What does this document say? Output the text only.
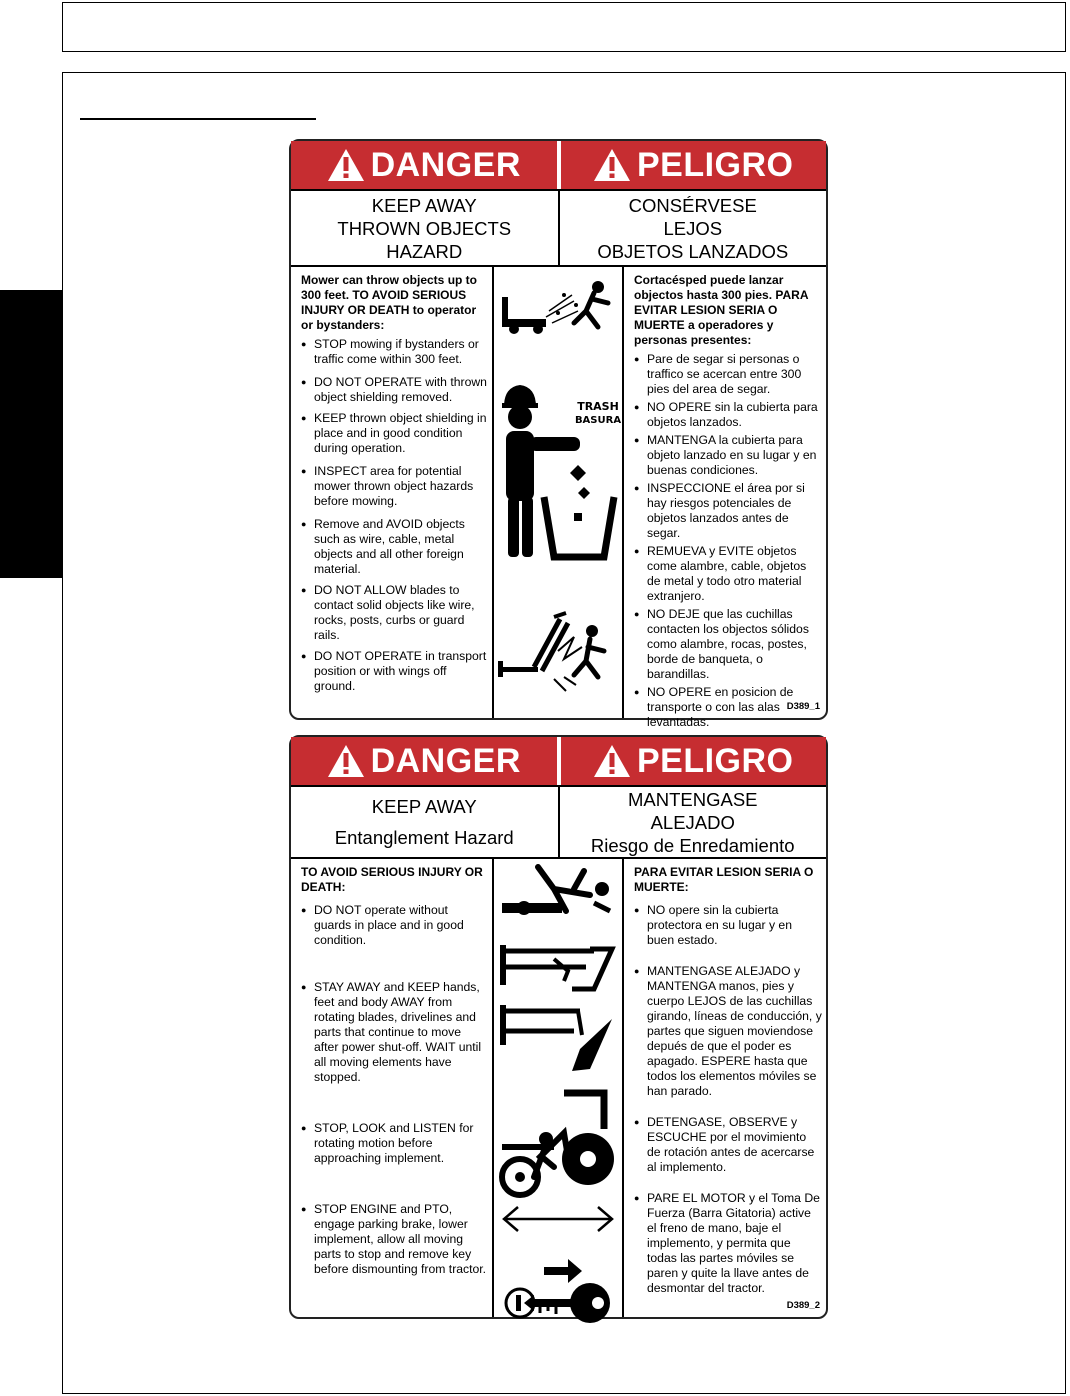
DANGER	PELIGRO
KEEP AWAY
THROWN OBJECTS
HAZARD
CONSÉRVESE
LEJOS
OBJETOS LANZADOS
Mower can throw objects up to 300 feet. TO AVOID SERIOUS INJURY OR DEATH to operator or bystanders:
● STOP mowing if bystanders or traffic come within 300 feet.
● DO NOT OPERATE with thrown object shielding removed.
● KEEP thrown object shielding in place and in good condition during operation.
● INSPECT area for potential mower thrown object hazards before mowing.
● Remove and AVOID objects such as wire, cable, metal objects and all other foreign material.
● DO NOT ALLOW blades to contact solid objects like wire, rocks, posts, curbs or guard rails.
● DO NOT OPERATE in transport position or with wings off ground.
TRASH
BASURA
Cortacésped puede lanzar objectos hasta 300 pies. PARA EVITAR LESION SERIA O MUERTE a operadores y personas presentes:
● Pare de segar si personas o traffico se acercan entre 300 pies del area de segar.
● NO OPERE sin la cubierta para objetos lanzados.
● MANTENGA la cubierta para objeto lanzado en su lugar y en buenas condiciones.
● INSPECCIONE el área por si hay riesgos potenciales de objetos lanzados antes de segar.
● REMUEVA y EVITE objetos come alambre, cable, objetos de metal y todo otro material extranjero.
● NO DEJE que las cuchillas contacten los objectos sólidos como alambre, rocas, postes, borde de banqueta, o barandillas.
● NO OPERE en posicion de transporte o con las alas levantadas.
D389_1
DANGER	PELIGRO
KEEP AWAY
Entanglement Hazard
MANTENGASE
ALEJADO
Riesgo de Enredamiento
TO AVOID SERIOUS INJURY OR DEATH:
● DO NOT operate without guards in place and in good condition.
● STAY AWAY and KEEP hands, feet and body AWAY from rotating blades, drivelines and parts that continue to move after power shut-off. WAIT until all moving elements have stopped.
● STOP, LOOK and LISTEN for rotating motion before approaching implement.
● STOP ENGINE and PTO, engage parking brake, lower implement, allow all moving parts to stop and remove key before dismounting from tractor.
PARA EVITAR LESION SERIA O MUERTE:
● NO opere sin la cubierta protectora en su lugar y en buen estado.
● MANTENGASE ALEJADO y MANTENGA manos, pies y cuerpo LEJOS de las cuchillas girando, líneas de conducción, y partes que siguen moviendose depués de que el poder es apagado. ESPERE hasta que todos los elementos móviles se han parado.
● DETENGASE, OBSERVE y ESCUCHE por el movimiento de rotación antes de acercarse al implemento.
● PARE EL MOTOR y el Toma De Fuerza (Barra Gitatoria) active el freno de mano, baje el implemento, y permita que todas las partes móviles se paren y quite la llave antes de desmontar del tractor.
D389_2
